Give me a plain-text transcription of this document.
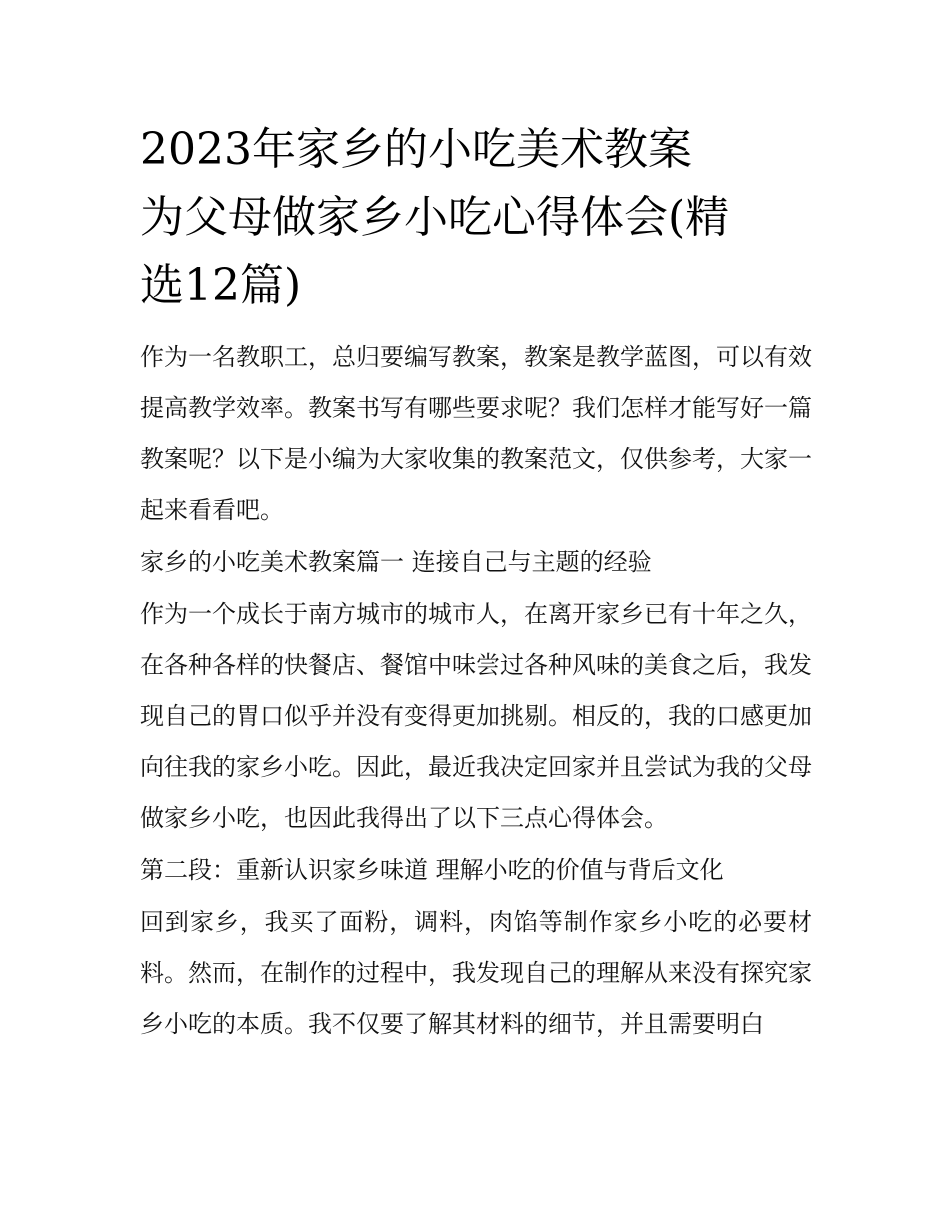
2023年家乡的小吃美术教案
为父母做家乡小吃心得体会(精
选12篇)

作为一名教职工，总归要编写教案，教案是教学蓝图，可以有效提高教学效率。教案书写有哪些要求呢？我们怎样才能写好一篇教案呢？以下是小编为大家收集的教案范文，仅供参考，大家一起来看看吧。

家乡的小吃美术教案篇一 连接自己与主题的经验

作为一个成长于南方城市的城市人，在离开家乡已有十年之久，在各种各样的快餐店、餐馆中味尝过各种风味的美食之后，我发现自己的胃口似乎并没有变得更加挑剔。相反的，我的口感更加向往我的家乡小吃。因此，最近我决定回家并且尝试为我的父母做家乡小吃，也因此我得出了以下三点心得体会。

第二段：重新认识家乡味道 理解小吃的价值与背后文化

回到家乡，我买了面粉，调料，肉馅等制作家乡小吃的必要材料。然而，在制作的过程中，我发现自己的理解从来没有探究家乡小吃的本质。我不仅要了解其材料的细节，并且需要明白
